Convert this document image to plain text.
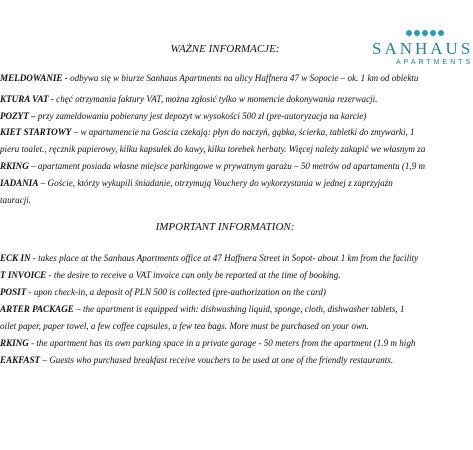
SANHAUS
APARTMENTS
WAŻNE INFORMACJE:
MELDOWANIE - odbywa się w biurze Sanhaus Apartments na ulicy Haffnera 47 w Sopocie – ok. 1 km od obiektu
KTURA VAT - chęć otrzymania faktury VAT, można zgłosić tylko w momencie dokonywania rezerwacji.
POZYT – przy zameldowaniu pobierany jest depozyt w wysokości 500 zł (pre-autoryzacja na karcie)
KIET STARTOWY – w apartamencie na Gościa czekają: płyn do naczyń, gąbka, ścierka, tabletki do zmywarki, 1
pieru toalet., ręcznik papierowy, kilku kapsułek do kawy, kilku torebek herbaty. Więcej należy zakupić we własnym za
RKING – apartament posiada własne miejsce parkingowe w prywatnym garażu – 50 metrów od apartamentu (1,9 m
IADANIA – Goście, którzy wykupili śniadanie, otrzymują Vouchery do wykorzystania w jednej z zaprzyjaźn
tauracji.
IMPORTANT INFORMATION:
ECK IN - takes place at the Sanhaus Apartments office at 47 Haffnera Street in Sopot- about 1 km from the facility
T INVOICE - the desire to receive a VAT invoice can only be reported at the time of booking.
POSIT - upon check-in, a deposit of PLN 500 is collected (pre-authorization on the card)
ARTER PACKAGE – the apartment is equipped with: dishwashing liquid, sponge, cloth, dishwasher tablets, 1
oilet paper, paper towel, a few coffee capsules, a few tea bags. More must be purchased on your own.
RKING - the apartment has its own parking space in a private garage - 50 meters from the apartment (1.9 m high
EAKFAST – Guests who purchased breakfast receive vouchers to be used at one of the friendly restaurants.
